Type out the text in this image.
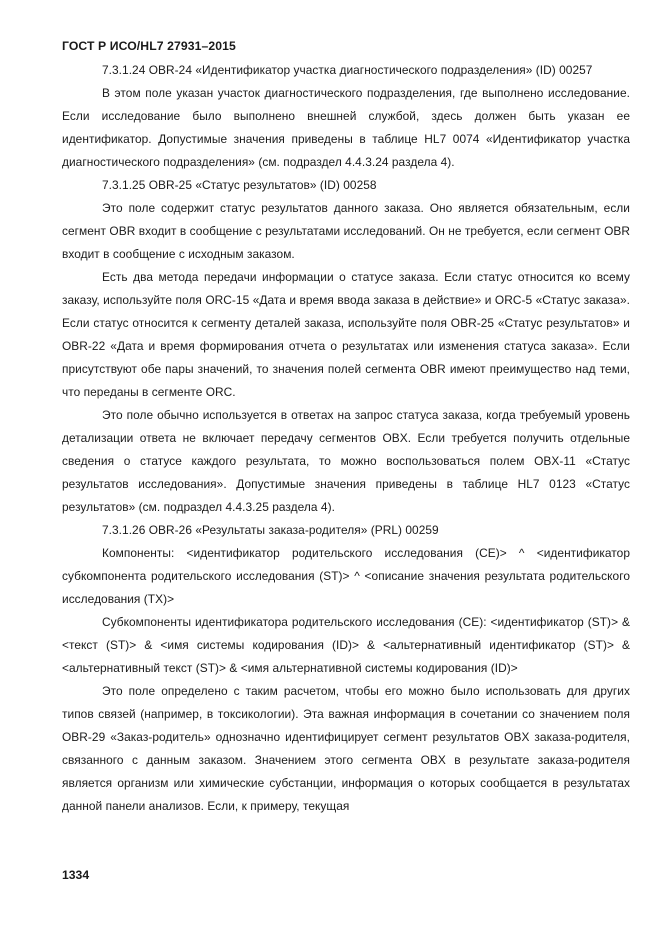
ГОСТ Р ИСО/HL7 27931–2015

7.3.1.24 OBR-24 «Идентификатор участка диагностического подразделения» (ID) 00257

В этом поле указан участок диагностического подразделения, где выполнено исследование. Если исследование было выполнено внешней службой, здесь должен быть указан ее идентификатор. Допустимые значения приведены в таблице HL7 0074 «Идентификатор участка диагностического подразделения» (см. подраздел 4.4.3.24 раздела 4).

7.3.1.25 OBR-25 «Статус результатов» (ID) 00258

Это поле содержит статус результатов данного заказа. Оно является обязательным, если сегмент OBR входит в сообщение с результатами исследований. Он не требуется, если сегмент OBR входит в сообщение с исходным заказом.

Есть два метода передачи информации о статусе заказа. Если статус относится ко всему заказу, используйте поля ORC-15 «Дата и время ввода заказа в действие» и ORC-5 «Статус заказа». Если статус относится к сегменту деталей заказа, используйте поля OBR-25 «Статус результатов» и OBR-22 «Дата и время формирования отчета о результатах или изменения статуса заказа». Если присутствуют обе пары значений, то значения полей сегмента OBR имеют преимущество над теми, что переданы в сегменте ORC.

Это поле обычно используется в ответах на запрос статуса заказа, когда требуемый уровень детализации ответа не включает передачу сегментов OBX. Если требуется получить отдельные сведения о статусе каждого результата, то можно воспользоваться полем OBX-11 «Статус результатов исследования». Допустимые значения приведены в таблице HL7 0123 «Статус результатов» (см. подраздел 4.4.3.25 раздела 4).

7.3.1.26 OBR-26 «Результаты заказа-родителя» (PRL) 00259

Компоненты: <идентификатор родительского исследования (CE)> ^ <идентификатор субкомпонента родительского исследования (ST)> ^ <описание значения результата родительского исследования (TX)>

Субкомпоненты идентификатора родительского исследования (CE): <идентификатор (ST)> & <текст (ST)> & <имя системы кодирования (ID)> & <альтернативный идентификатор (ST)> & <альтернативный текст (ST)> & <имя альтернативной системы кодирования (ID)>

Это поле определено с таким расчетом, чтобы его можно было использовать для других типов связей (например, в токсикологии). Эта важная информация в сочетании со значением поля OBR-29 «Заказ-родитель» однозначно идентифицирует сегмент результатов OBX заказа-родителя, связанного с данным заказом. Значением этого сегмента OBX в результате заказа-родителя является организм или химические субстанции, информация о которых сообщается в результатах данной панели анализов. Если, к примеру, текущая

1334
